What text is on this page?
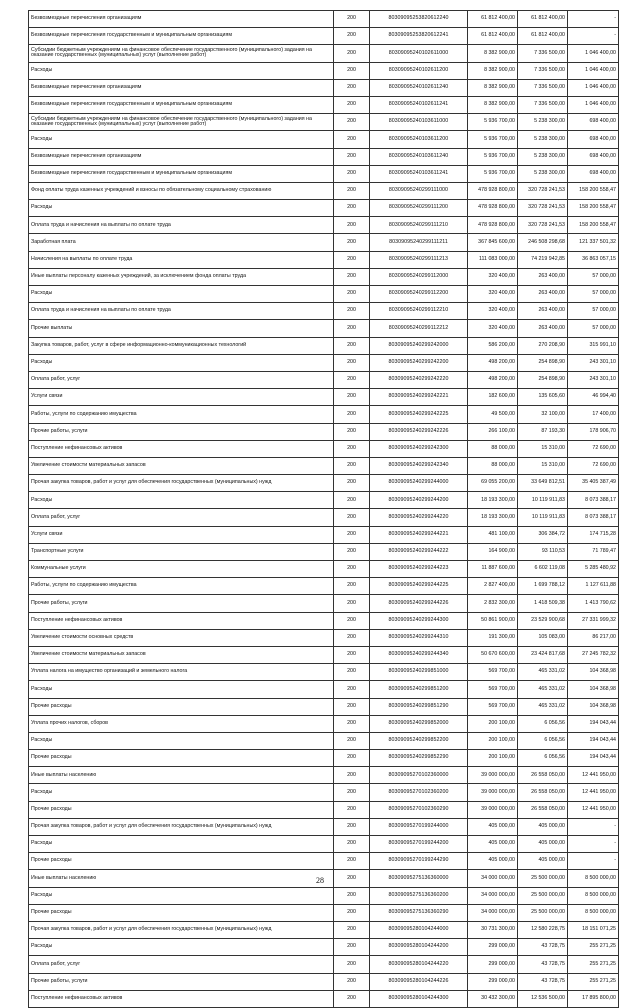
Безвозмездные перечисления организациям	200	80309095253820612240	61 812 400,00	61 812 400,00	-
Безвозмездные перечисления государственным и муниципальным организациям	200	80309095253820612241	61 812 400,00	61 812 400,00	-
Субсидии бюджетным учреждениям на финансовое обеспечение государственного (муниципального) задания на оказание государственных (муниципальных) услуг (выполнение работ)	200	80309095240102611000	8 382 900,00	7 336 500,00	1 046 400,00
Расходы	200	80309095240102611200	8 382 900,00	7 336 500,00	1 046 400,00
Безвозмездные перечисления организациям	200	80309095240102611240	8 382 900,00	7 336 500,00	1 046 400,00
Безвозмездные перечисления государственным и муниципальным организациям	200	80309095240102611241	8 382 900,00	7 336 500,00	1 046 400,00
Субсидии бюджетным учреждениям на финансовое обеспечение государственного (муниципального) задания на оказание государственных (муниципальных) услуг (выполнение работ)	200	80309095240103611000	5 936 700,00	5 238 300,00	698 400,00
Расходы	200	80309095240103611200	5 936 700,00	5 238 300,00	698 400,00
Безвозмездные перечисления организациям	200	80309095240103611240	5 936 700,00	5 238 300,00	698 400,00
Безвозмездные перечисления государственным и муниципальным организациям	200	80309095240103611241	5 936 700,00	5 238 300,00	698 400,00
Фонд оплаты труда казенных учреждений и взносы по обязательному социальному страхованию	200	80309095240299111000	478 928 800,00	320 728 241,53	158 200 558,47
Расходы	200	80309095240299111200	478 928 800,00	320 728 241,53	158 200 558,47
Оплата труда и начисления на выплаты по оплате труда	200	80309095240299111210	478 928 800,00	320 728 241,53	158 200 558,47
Заработная плата	200	80309095240299111211	367 845 600,00	246 508 298,68	121 337 501,32
Начисления на выплаты по оплате труда	200	80309095240299111213	111 083 000,00	74 219 942,85	36 863 057,15
Иные выплаты персоналу казенных учреждений, за исключением фонда оплаты труда	200	80309095240299112000	320 400,00	263 400,00	57 000,00
Расходы	200	80309095240299112200	320 400,00	263 400,00	57 000,00
Оплата труда и начисления на выплаты по оплате труда	200	80309095240299112210	320 400,00	263 400,00	57 000,00
Прочие выплаты	200	80309095240299112212	320 400,00	263 400,00	57 000,00
Закупка товаров, работ, услуг в сфере информационно-коммуникационных технологий	200	80309095240299242000	586 200,00	270 208,90	315 991,10
Расходы	200	80309095240299242200	498 200,00	254 898,90	243 301,10
Оплата работ, услуг	200	80309095240299242220	498 200,00	254 898,90	243 301,10
Услуги связи	200	80309095240299242221	182 600,00	135 605,60	46 994,40
Работы, услуги по содержанию имущества	200	80309095240299242225	49 500,00	32 100,00	17 400,00
Прочие работы, услуги	200	80309095240299242226	266 100,00	87 193,30	178 906,70
Поступление нефинансовых активов	200	80309095240299242300	88 000,00	15 310,00	72 690,00
Увеличение стоимости материальных запасов	200	80309095240299242340	88 000,00	15 310,00	72 690,00
Прочая закупка товаров, работ и услуг для обеспечения государственных (муниципальных) нужд	200	80309095240299244000	69 055 200,00	33 649 812,51	35 405 387,49
Расходы	200	80309095240299244200	18 193 300,00	10 119 911,83	8 073 388,17
Оплата работ, услуг	200	80309095240299244220	18 193 300,00	10 119 911,83	8 073 388,17
Услуги связи	200	80309095240299244221	481 100,00	306 384,72	174 715,28
Транспортные услуги	200	80309095240299244222	164 900,00	93 110,53	71 789,47
Коммунальные услуги	200	80309095240299244223	11 887 600,00	6 602 119,08	5 285 480,92
Работы, услуги по содержанию имущества	200	80309095240299244225	2 827 400,00	1 699 788,12	1 127 611,88
Прочие работы, услуги	200	80309095240299244226	2 832 300,00	1 418 509,38	1 413 790,62
Поступление нефинансовых активов	200	80309095240299244300	50 861 900,00	23 529 900,68	27 331 999,32
Увеличение стоимости основных средств	200	80309095240299244310	191 300,00	105 083,00	86 217,00
Увеличение стоимости материальных запасов	200	80309095240299244340	50 670 600,00	23 424 817,68	27 245 782,32
Уплата налога на имущество организаций и земельного налога	200	80309095240299851000	569 700,00	465 331,02	104 368,98
Расходы	200	80309095240299851200	569 700,00	465 331,02	104 368,98
Прочие расходы	200	80309095240299851290	569 700,00	465 331,02	104 368,98
Уплата прочих налогов, сборов	200	80309095240299852000	200 100,00	6 056,56	194 043,44
Расходы	200	80309095240299852200	200 100,00	6 056,56	194 043,44
Прочие расходы	200	80309095240299852290	200 100,00	6 056,56	194 043,44
Иные выплаты населению	200	80309095270102360000	39 000 000,00	26 558 050,00	12 441 950,00
Расходы	200	80309095270102360200	39 000 000,00	26 558 050,00	12 441 950,00
Прочие расходы	200	80309095270102360290	39 000 000,00	26 558 050,00	12 441 950,00
Прочая закупка товаров, работ и услуг для обеспечения государственных (муниципальных) нужд	200	80309095270199244000	405 000,00	405 000,00	-
Расходы	200	80309095270199244200	405 000,00	405 000,00	-
Прочие расходы	200	80309095270199244290	405 000,00	405 000,00	-
Иные выплаты населению	200	80309095275136360000	34 000 000,00	25 500 000,00	8 500 000,00
Расходы	200	80309095275136360200	34 000 000,00	25 500 000,00	8 500 000,00
Прочие расходы	200	80309095275136360290	34 000 000,00	25 500 000,00	8 500 000,00
Прочая закупка товаров, работ и услуг для обеспечения государственных (муниципальных) нужд	200	80309095280104244000	30 731 300,00	12 580 228,75	18 151 071,25
Расходы	200	80309095280104244200	299 000,00	43 728,75	255 271,25
Оплата работ, услуг	200	80309095280104244220	299 000,00	43 728,75	255 271,25
Прочие работы, услуги	200	80309095280104244226	299 000,00	43 728,75	255 271,25
Поступление нефинансовых активов	200	80309095280104244300	30 432 300,00	12 536 500,00	17 895 800,00
28
